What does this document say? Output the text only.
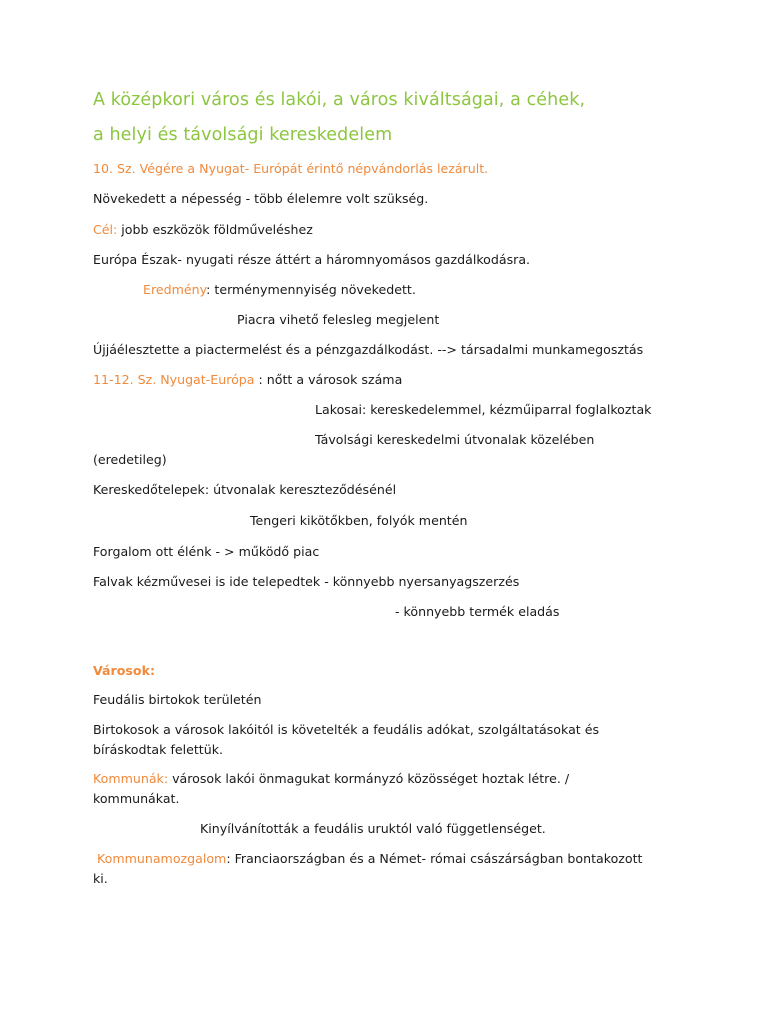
A középkori város és lakói, a város kiváltságai, a céhek,
a helyi és távolsági kereskedelem
10. Sz. Végére a Nyugat- Európát érintő népvándorlás lezárult.
Növekedett a népesség - több élelemre volt szükség.
Cél: jobb eszközök földműveléshez
Európa Észak- nyugati része áttért a háromnyomásos gazdálkodásra.
Eredmény: terménymennyiség növekedett.
Piacra vihető felesleg megjelent
Újjáélesztette a piactermelést és a pénzgazdálkodást. --> társadalmi munkamegosztás
11-12. Sz. Nyugat-Európa : nőtt a városok száma
Lakosai: kereskedelemmel, kézműiparral foglalkoztak
Távolsági kereskedelmi útvonalak közelében
(eredetileg)
Kereskedőtelepek: útvonalak kereszteződésénél
Tengeri kikötőkben, folyók mentén
Forgalom ott élénk - > működő piac
Falvak kézművesei is ide telepedtek - könnyebb nyersanyagszerzés
- könnyebb termék eladás
Városok:
Feudális birtokok területén
Birtokosok a városok lakóitól is követelték a feudális adókat, szolgáltatásokat és
bíráskodtak felettük.
Kommunák: városok lakói önmagukat kormányzó közösséget hoztak létre. /
kommunákat.
Kinyílvánították a feudális uruktól való függetlenséget.
Kommunamozgalom: Franciaországban és a Német- római császárságban bontakozott
ki.
